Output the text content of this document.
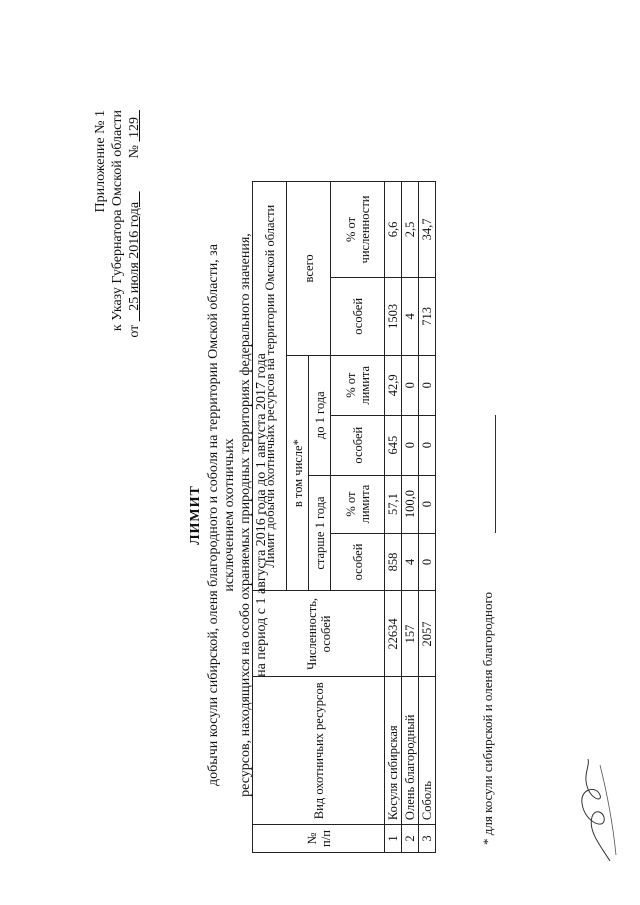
Приложение № 1 к Указу Губернатора Омской области
от    25 июля 2016 года     №  129
ЛИМИТ добычи косули сибирской, оленя благородного и соболя на территории Омской области, за исключением охотничьих ресурсов, находящихся на особо охраняемых природных территориях федерального значения, на период с 1 августа 2016 года до 1 августа 2017 года
№ п/п	Вид охотничьих ресурсов	Численность, особей	Лимит добычи охотничьих ресурсов на территории Омской области					
			в том числе*				всего	
			старше 1 года		до 1 года			
			особей	% от лимита	особей	% от лимита	особей	% от численности
1	Косуля сибирская	22634	858	57,1	645	42,9	1503	6,6
2	Олень благородный	157	4	100,0	0	0	4	2,5
3	Соболь	2057	0	0	0	0	713	34,7
* для косули сибирской и оленя благородного
